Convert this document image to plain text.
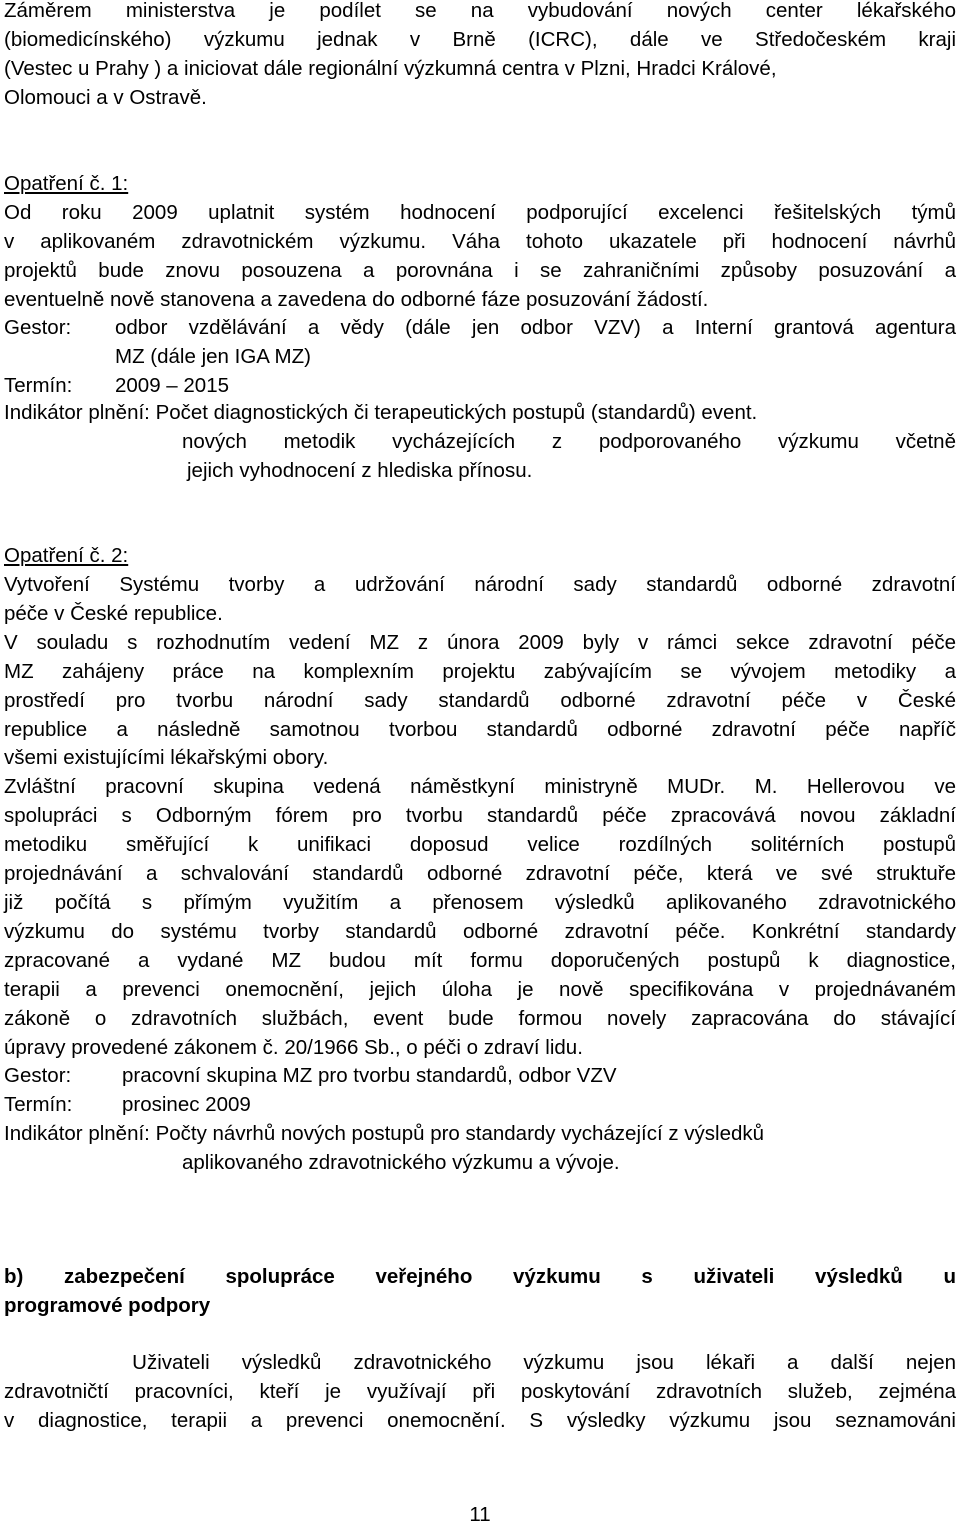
Záměrem ministerstva je podílet se na vybudování nových center lékařského
(biomedicínského) výzkumu jednak v Brně (ICRC), dále ve Středočeském kraji
(Vestec u Prahy ) a iniciovat dále regionální výzkumná centra v Plzni, Hradci Králové,
Olomouci a v Ostravě.
Opatření č. 1:
Od roku 2009 uplatnit systém hodnocení podporující excelenci řešitelských týmů
v aplikovaném zdravotnickém výzkumu. Váha tohoto ukazatele při hodnocení návrhů
projektů bude znovu posouzena a porovnána i se zahraničními způsoby posuzování a
eventuelně nově stanovena a zavedena do odborné fáze posuzování žádostí.
Gestor: odbor vzdělávání a vědy (dále jen odbor VZV) a Interní grantová agentura
MZ (dále jen IGA MZ)
Termín: 2009 – 2015
Indikátor plnění: Počet diagnostických či terapeutických postupů (standardů) event.
nových metodik vycházejících z podporovaného výzkumu včetně
jejich vyhodnocení z hlediska přínosu.
Opatření č. 2:
Vytvoření Systému tvorby a udržování národní sady standardů odborné zdravotní
péče v České republice.
V souladu s rozhodnutím vedení MZ z února 2009 byly v rámci sekce zdravotní péče
MZ zahájeny práce na komplexním projektu zabývajícím se vývojem metodiky a
prostředí pro tvorbu národní sady standardů odborné zdravotní péče v České
republice a následně samotnou tvorbou standardů odborné zdravotní péče napříč
všemi existujícími lékařskými obory.
Zvláštní pracovní skupina vedená náměstkyní ministryně MUDr. M. Hellerovou ve
spolupráci s Odborným fórem pro tvorbu standardů péče zpracovává novou základní
metodiku směřující k unifikaci doposud velice rozdílných solitérních postupů
projednávání a schvalování standardů odborné zdravotní péče, která ve své struktuře
již počítá s přímým využitím a přenosem výsledků aplikovaného zdravotnického
výzkumu do systému tvorby standardů odborné zdravotní péče. Konkrétní standardy
zpracované a vydané MZ budou mít formu doporučených postupů k diagnostice,
terapii a prevenci onemocnění, jejich úloha je nově specifikována v projednávaném
zákoně o zdravotních službách, event bude formou novely zapracována do stávající
úpravy provedené zákonem č. 20/1966 Sb., o péči o zdraví lidu.
Gestor: pracovní skupina MZ pro tvorbu standardů, odbor VZV
Termín: prosinec 2009
Indikátor plnění: Počty návrhů nových postupů pro standardy vycházející z výsledků
aplikovaného zdravotnického výzkumu a vývoje.
b) zabezpečení spolupráce veřejného výzkumu s uživateli výsledků u
programové podpory
Uživateli  výsledků  zdravotnického  výzkumu  jsou  lékaři  a  další  nejen
zdravotničtí pracovníci, kteří je využívají při poskytování zdravotních služeb, zejména
v diagnostice, terapii a prevenci onemocnění. S výsledky výzkumu jsou seznamováni
11
